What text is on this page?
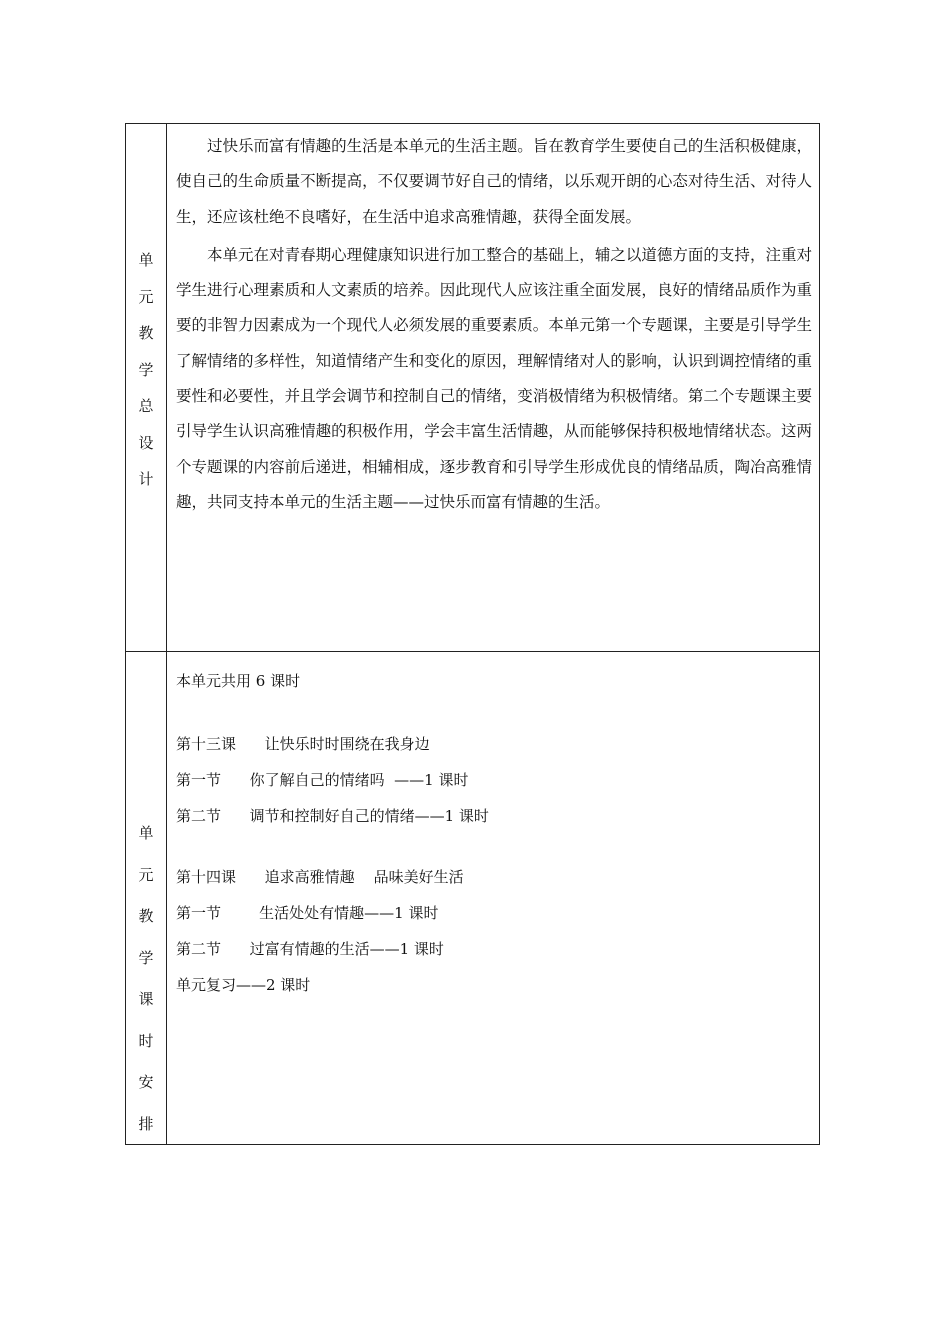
单
元
教
学
总
设
计

过快乐而富有情趣的生活是本单元的生活主题。旨在教育学生要使自己的生活积极健康，使自己的生命质量不断提高，不仅要调节好自己的情绪，以乐观开朗的心态对待生活、对待人生，还应该杜绝不良嗜好，在生活中追求高雅情趣，获得全面发展。

本单元在对青春期心理健康知识进行加工整合的基础上，辅之以道德方面的支持，注重对学生进行心理素质和人文素质的培养。因此现代人应该注重全面发展，良好的情绪品质作为重要的非智力因素成为一个现代人必须发展的重要素质。本单元第一个专题课，主要是引导学生了解情绪的多样性，知道情绪产生和变化的原因，理解情绪对人的影响，认识到调控情绪的重要性和必要性，并且学会调节和控制自己的情绪，变消极情绪为积极情绪。第二个专题课主要引导学生认识高雅情趣的积极作用，学会丰富生活情趣，从而能够保持积极地情绪状态。这两个专题课的内容前后递进，相辅相成，逐步教育和引导学生形成优良的情绪品质，陶冶高雅情趣，共同支持本单元的生活主题——过快乐而富有情趣的生活。

单
元
教
学
课
时
安
排
本单元共用 6 课时
第十三课      让快乐时时围绕在我身边
第一节      你了解自己的情绪吗  ——1 课时
第二节      调节和控制好自己的情绪——1 课时
第十四课      追求高雅情趣    品味美好生活
第一节        生活处处有情趣——1 课时
第二节      过富有情趣的生活——1 课时
单元复习——2 课时
